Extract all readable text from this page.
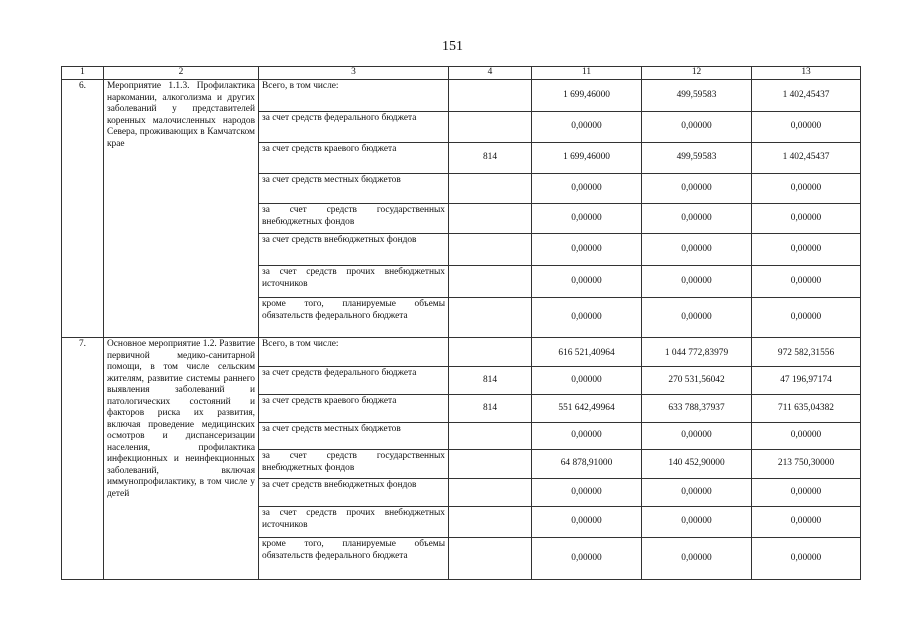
151
1	2	3	4	11	12	13
6.	Мероприятие 1.1.3. Профилактика наркомании, алкоголизма и других заболеваний у представителей коренных малочисленных народов Севера, проживающих в Камчатском крае	Всего, в том числе:		1 699,46000	499,59583	1 402,45437
		за счет средств федерального бюджета		0,00000	0,00000	0,00000
		за счет средств краевого бюджета	814	1 699,46000	499,59583	1 402,45437
		за счет средств местных бюджетов		0,00000	0,00000	0,00000
		за счет средств государственных внебюджетных фондов		0,00000	0,00000	0,00000
		за счет средств внебюджетных фондов		0,00000	0,00000	0,00000
		за счет средств прочих внебюджетных источников		0,00000	0,00000	0,00000
		кроме того, планируемые объемы обязательств федерального бюджета		0,00000	0,00000	0,00000
7.	Основное мероприятие 1.2. Развитие первичной медико-санитарной помощи, в том числе сельским жителям, развитие системы раннего выявления заболеваний и патологических состояний и факторов риска их развития, включая проведение медицинских осмотров и диспансеризации населения, профилактика инфекционных и неинфекционных заболеваний, включая иммунопрофилактику, в том числе у детей	Всего, в том числе:		616 521,40964	1 044 772,83979	972 582,31556
		за счет средств федерального бюджета	814	0,00000	270 531,56042	47 196,97174
		за счет средств краевого бюджета	814	551 642,49964	633 788,37937	711 635,04382
		за счет средств местных бюджетов		0,00000	0,00000	0,00000
		за счет средств государственных внебюджетных фондов		64 878,91000	140 452,90000	213 750,30000
		за счет средств внебюджетных фондов		0,00000	0,00000	0,00000
		за счет средств прочих внебюджетных источников		0,00000	0,00000	0,00000
		кроме того, планируемые объемы обязательств федерального бюджета		0,00000	0,00000	0,00000
